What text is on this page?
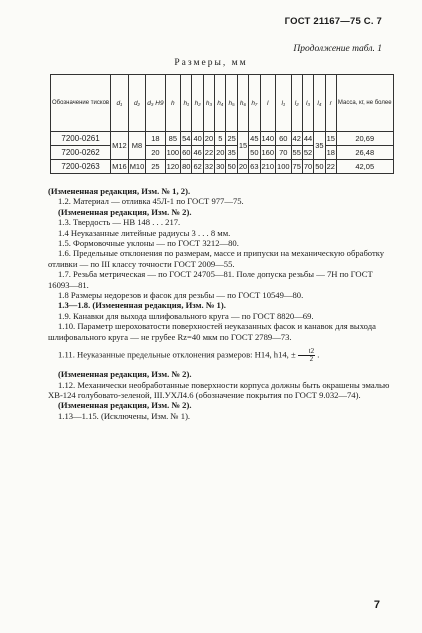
ГОСТ 21167—75 С. 7
Продолжение табл. 1
Размеры, мм
Обозначение тисков	d₁	d₂	d₃ H9	h	h₁	h₂	h₃	h₄	h₅	h₆	h₇	l	l₁	l₂	l₃	l₄	r	Масса, кг, не более
7200-0261	M12	M8	18	85	54	40	20	5	25	15	45	140	60	42	44	35	15	20,69
7200-0262			20	100	60	46	22	20	35		50	160	70	55	52		18	26,48
7200-0263	M16	M10	25	120	80	62	32	30	50	20	63	210	100	75	70	50	22	42,05

(Измененная редакция, Изм. № 1, 2).

1.2. Материал — отливка 45Л-1 по ГОСТ 977—75.

(Измененная редакция, Изм. № 2).

1.3. Твердость — НВ 148 . . . 217.

1.4 Неуказанные литейные радиусы 3 . . . 8 мм.

1.5. Формовочные уклоны — по ГОСТ 3212—80.

1.6. Предельные отклонения по размерам, массе и припуски на механическую обработку отливки — по III классу точности ГОСТ 2009—55.

1.7. Резьба метрическая — по ГОСТ 24705—81. Поле допуска резьбы — 7Н по ГОСТ 16093—81.

1.8 Размеры недорезов и фасок для резьбы — по ГОСТ 10549—80.

1.3—1.8. (Измененная редакция, Изм. № 1).

1.9. Канавки для выхода шлифовального круга — по ГОСТ 8820—69.

1.10. Параметр шероховатости поверхностей неуказанных фасок и канавок для выхода шлифовального круга — не грубее Rz=40 мкм по ГОСТ 2789—73.

1.11. Неуказанные предельные отклонения размеров: Н14, h14, ± $\frac{t2}{2}$ .

(Измененная редакция, Изм. № 2).

1.12. Механически необработанные поверхности корпуса должны быть окрашены эмалью ХВ-124 голубовато-зеленой, III.УХЛ4.6 (обозначение покрытия по ГОСТ 9.032—74).

(Измененная редакция, Изм. № 2).

1.13—1.15. (Исключены, Изм. № 1).

7
